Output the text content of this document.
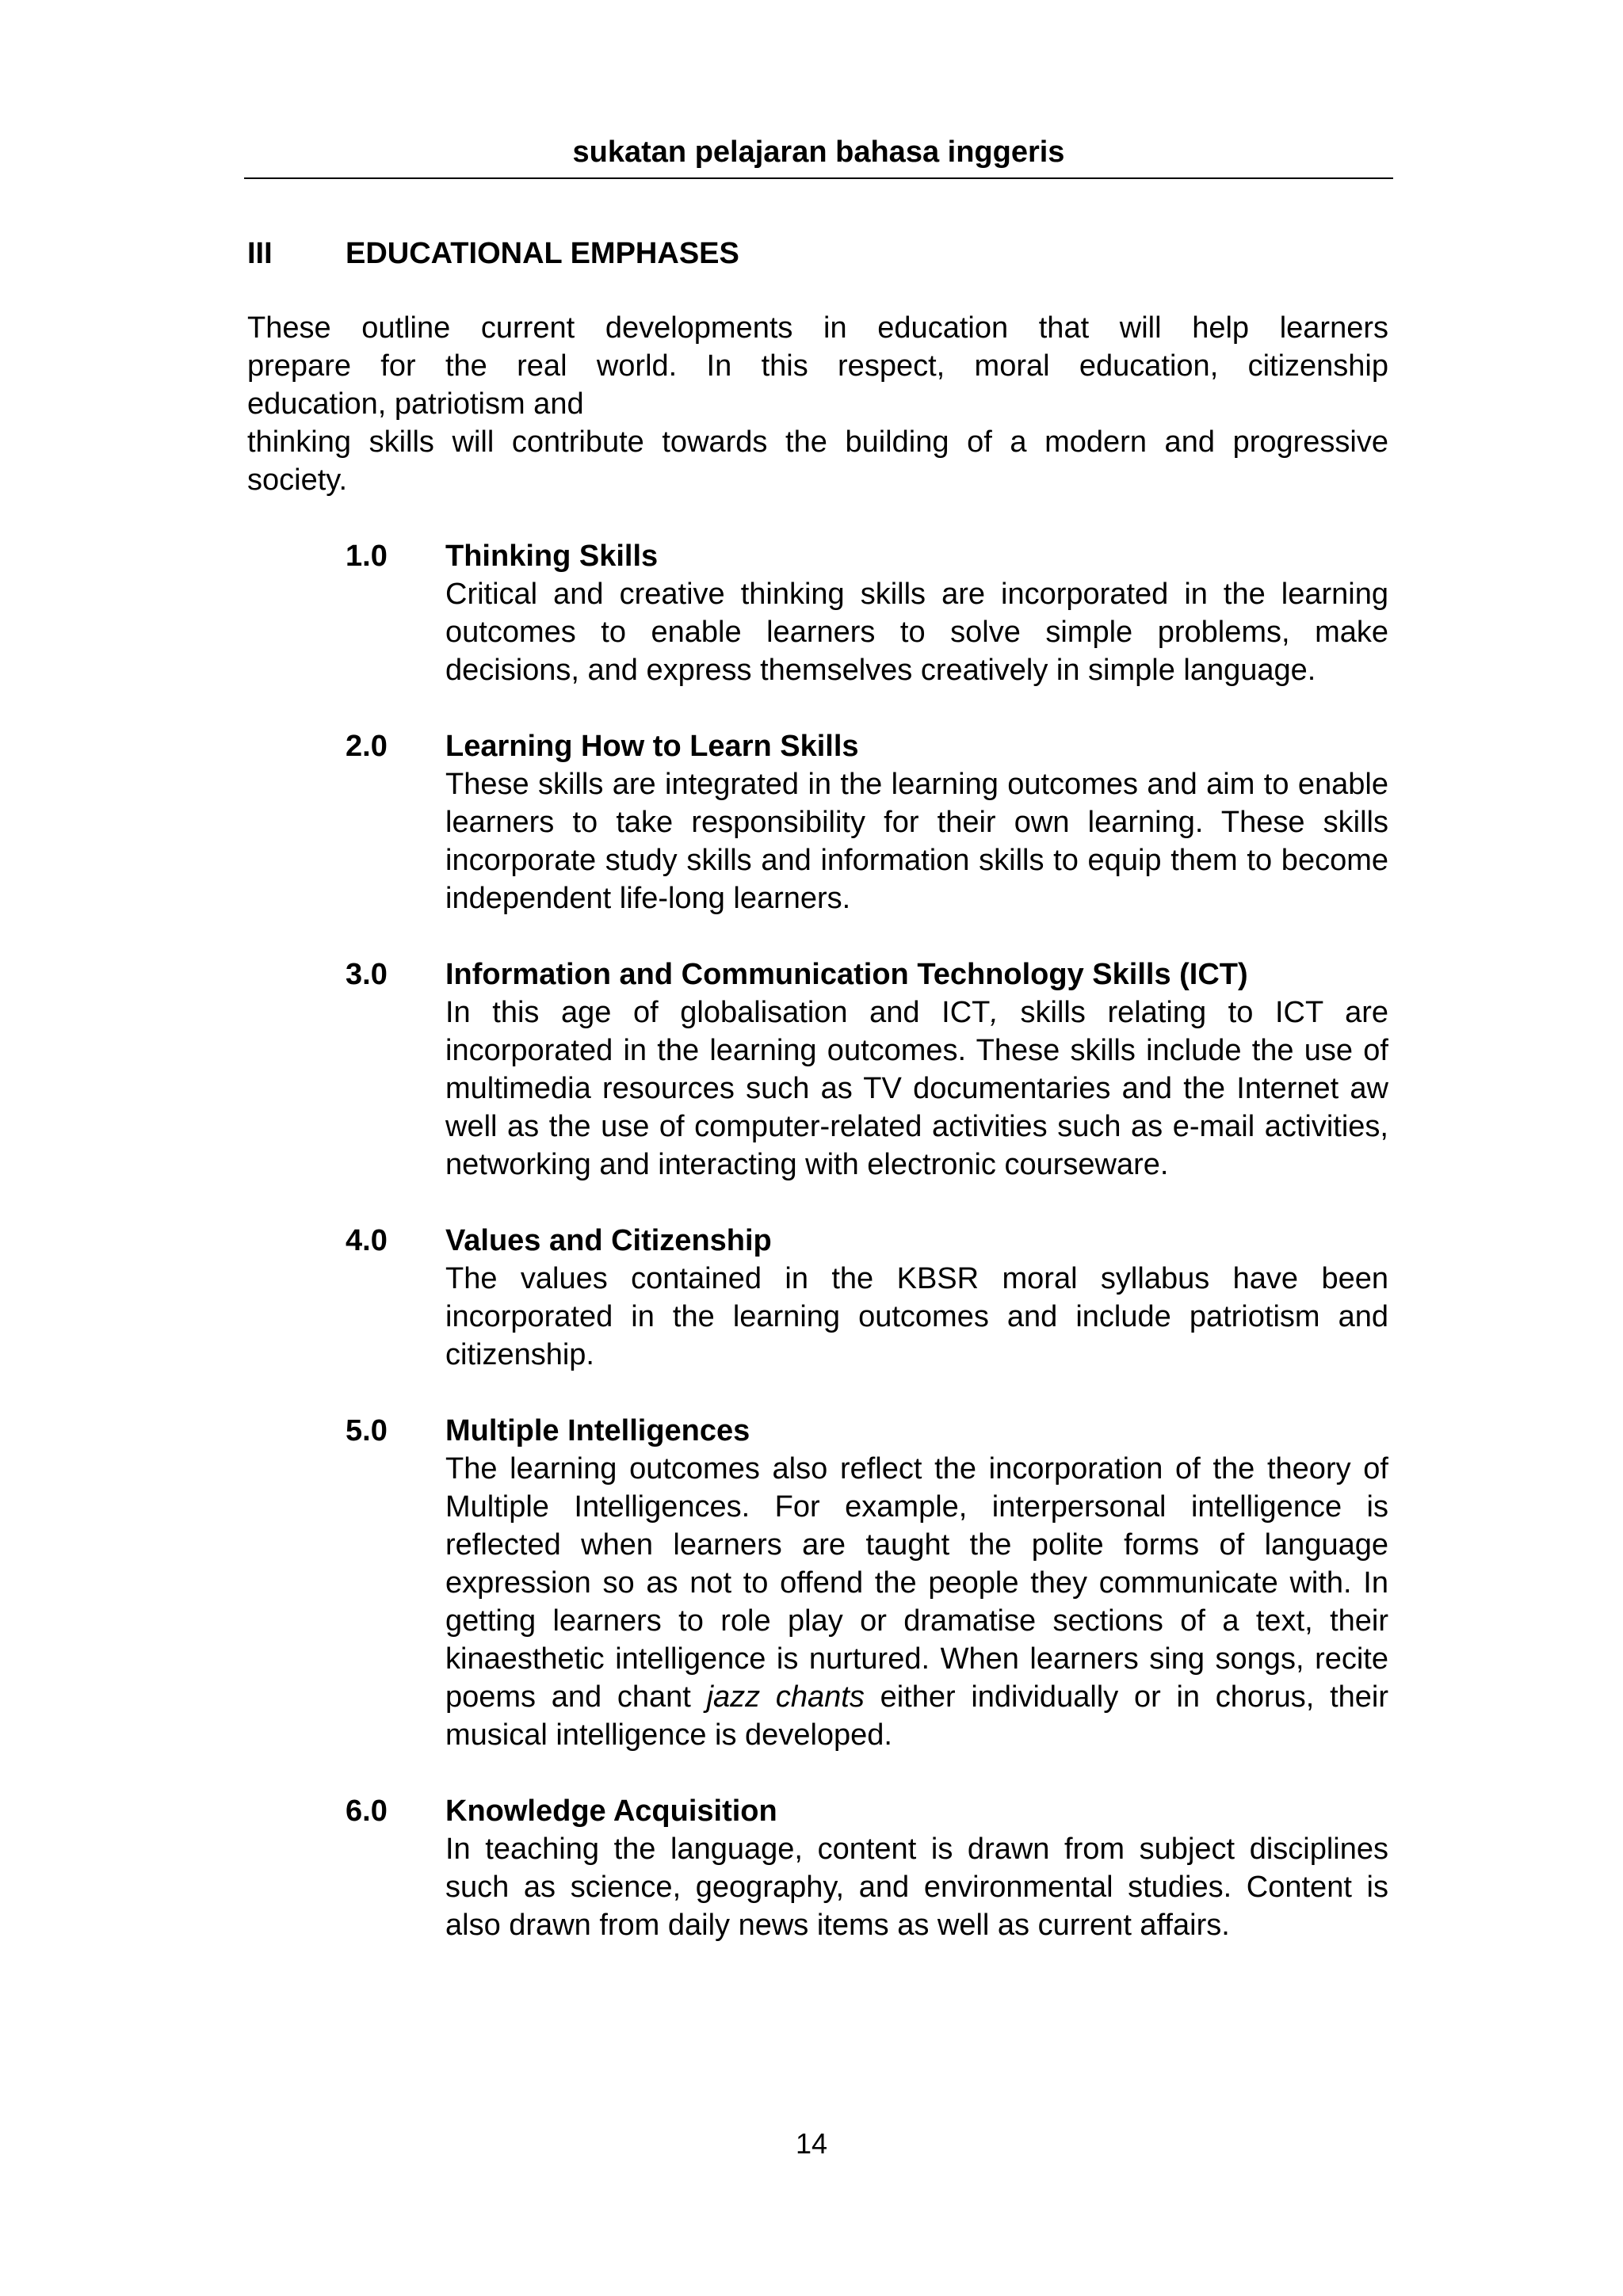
sukatan pelajaran bahasa inggeris
III EDUCATIONAL EMPHASES

These outline current developments in education that will help learners
prepare for the real world. In this respect, moral education, citizenship
education, patriotism and
thinking skills will contribute towards the building of a modern and progressive
society.

1.0 Thinking Skills

Critical and creative thinking skills are incorporated in the learning outcomes to enable learners to solve simple problems, make decisions, and express themselves creatively in simple language.

2.0 Learning How to Learn Skills

These skills are integrated in the learning outcomes and aim to enable learners to take responsibility for their own learning. These skills incorporate study skills and information skills to equip them to become independent life-long learners.

3.0 Information and Communication Technology Skills (ICT)

In this age of globalisation and ICT, skills relating to ICT are incorporated in the learning outcomes. These skills include the use of multimedia resources such as TV documentaries and the Internet aw well as the use of computer-related activities such as e-mail activities, networking and interacting with electronic courseware.

4.0 Values and Citizenship

The values contained in the KBSR moral syllabus have been incorporated in the learning outcomes and include patriotism and citizenship.

5.0 Multiple Intelligences

The learning outcomes also reflect the incorporation of the theory of Multiple Intelligences. For example, interpersonal intelligence is reflected when learners are taught the polite forms of language expression so as not to offend the people they communicate with. In getting learners to role play or dramatise sections of a text, their kinaesthetic intelligence is nurtured. When learners sing songs, recite poems and chant jazz chants either individually or in chorus, their musical intelligence is developed.

6.0 Knowledge Acquisition

In teaching the language, content is drawn from subject disciplines such as science, geography, and environmental studies. Content is also drawn from daily news items as well as current affairs.

14
